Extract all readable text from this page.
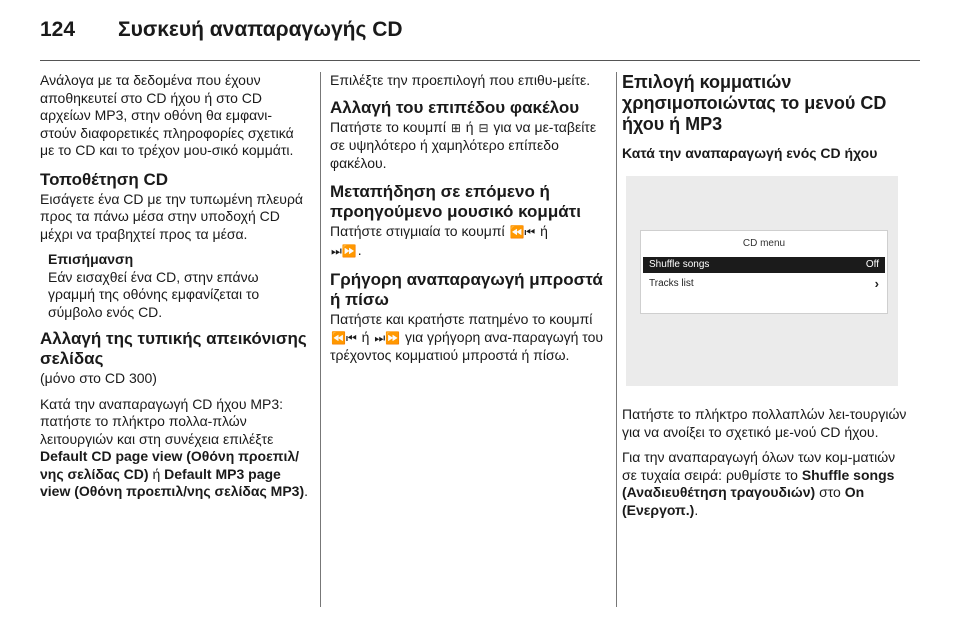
124 Συσκευή αναπαραγωγής CD

Ανάλογα με τα δεδομένα που έχουν αποθηκευτεί στο CD ήχου ή στο CD αρχείων MP3, στην οθόνη θα εμφανι-στούν διαφορετικές πληροφορίες σχετικά με το CD και το τρέχον μου-σικό κομμάτι.

Τοποθέτηση CD

Εισάγετε ένα CD με την τυπωμένη πλευρά προς τα πάνω μέσα στην υποδοχή CD μέχρι να τραβηχτεί προς τα μέσα.

Επισήμανση

Εάν εισαχθεί ένα CD, στην επάνω γραμμή της οθόνης εμφανίζεται το σύμβολο ενός CD.

Αλλαγή της τυπικής απεικόνισης σελίδας

(μόνο στο CD 300)

Κατά την αναπαραγωγή CD ήχου MP3: πατήστε το πλήκτρο πολλα-πλών λειτουργιών και στη συνέχεια επιλέξτε Default CD page view (Οθόνη προεπιλ/νης σελίδας CD) ή Default MP3 page view (Οθόνη προεπιλ/νης σελίδας MP3).

Επιλέξτε την προεπιλογή που επιθυ-μείτε.

Αλλαγή του επιπέδου φακέλου

Πατήστε το κουμπί ⊞ ή ⊟ για να με-ταβείτε σε υψηλότερο ή χαμηλότερο επίπεδο φακέλου.

Μεταπήδηση σε επόμενο ή προηγούμενο μουσικό κομμάτι

Πατήστε στιγμιαία το κουμπί ⏪⏮ ή
⏭⏩.

Γρήγορη αναπαραγωγή μπροστά ή πίσω

Πατήστε και κρατήστε πατημένο το κουμπί ⏪⏮ ή ⏭⏩ για γρήγορη ανα-παραγωγή του τρέχοντος κομματιού μπροστά ή πίσω.

Επιλογή κομματιών χρησιμοποιώντας το μενού CD ήχου ή MP3
Κατά την αναπαραγωγή ενός CD ήχου
CD menu
Shuffle songs	Off
Tracks list	›

Πατήστε το πλήκτρο πολλαπλών λει-τουργιών για να ανοίξει το σχετικό με-νού CD ήχου.

Για την αναπαραγωγή όλων των κομ-ματιών σε τυχαία σειρά: ρυθμίστε το Shuffle songs (Αναδιευθέτηση τραγουδιών) στο On (Ενεργοπ.).
